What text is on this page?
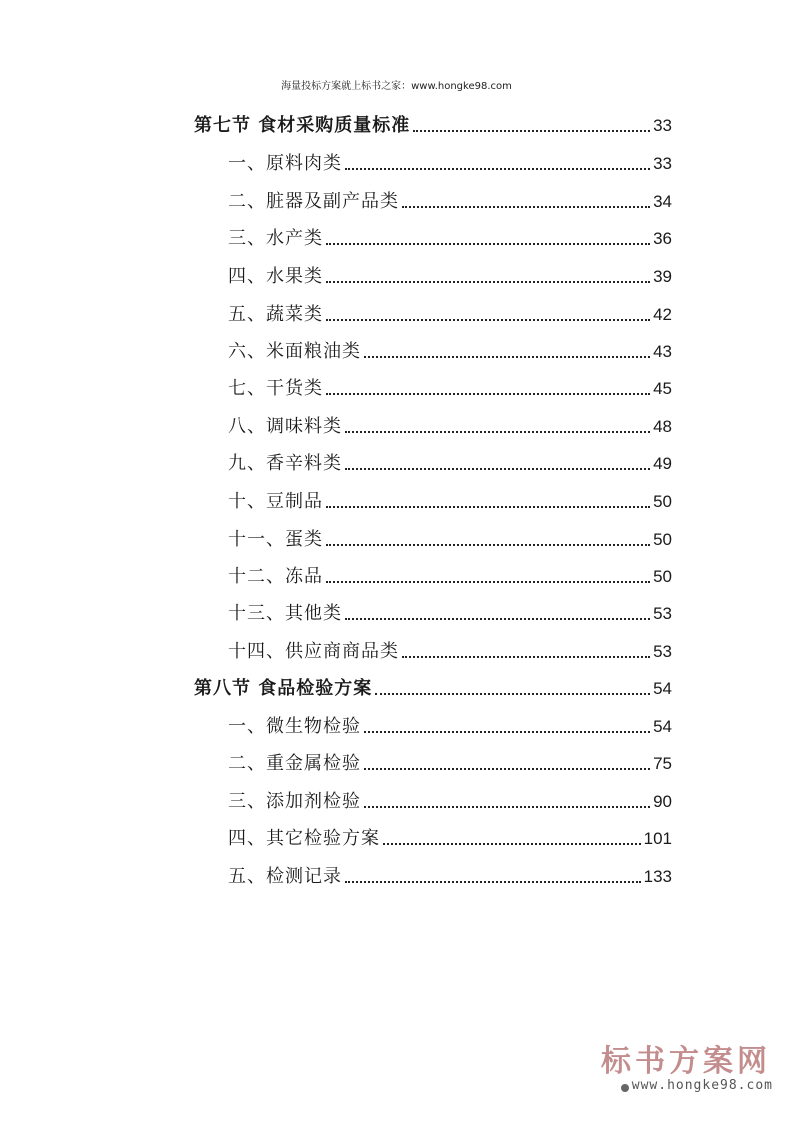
海量投标方案就上标书之家：www.hongke98.com
第七节 食材采购质量标准	33
一、原料肉类	33
二、脏器及副产品类	34
三、水产类	36
四、水果类	39
五、蔬菜类	42
六、米面粮油类	43
七、干货类	45
八、调味料类	48
九、香辛料类	49
十、豆制品	50
十一、蛋类	50
十二、冻品	50
十三、其他类	53
十四、供应商商品类	53
第八节 食品检验方案	54
一、微生物检验	54
二、重金属检验	75
三、添加剂检验	90
四、其它检验方案	101
五、检测记录	133
标书方案网
www.hongke98.com
